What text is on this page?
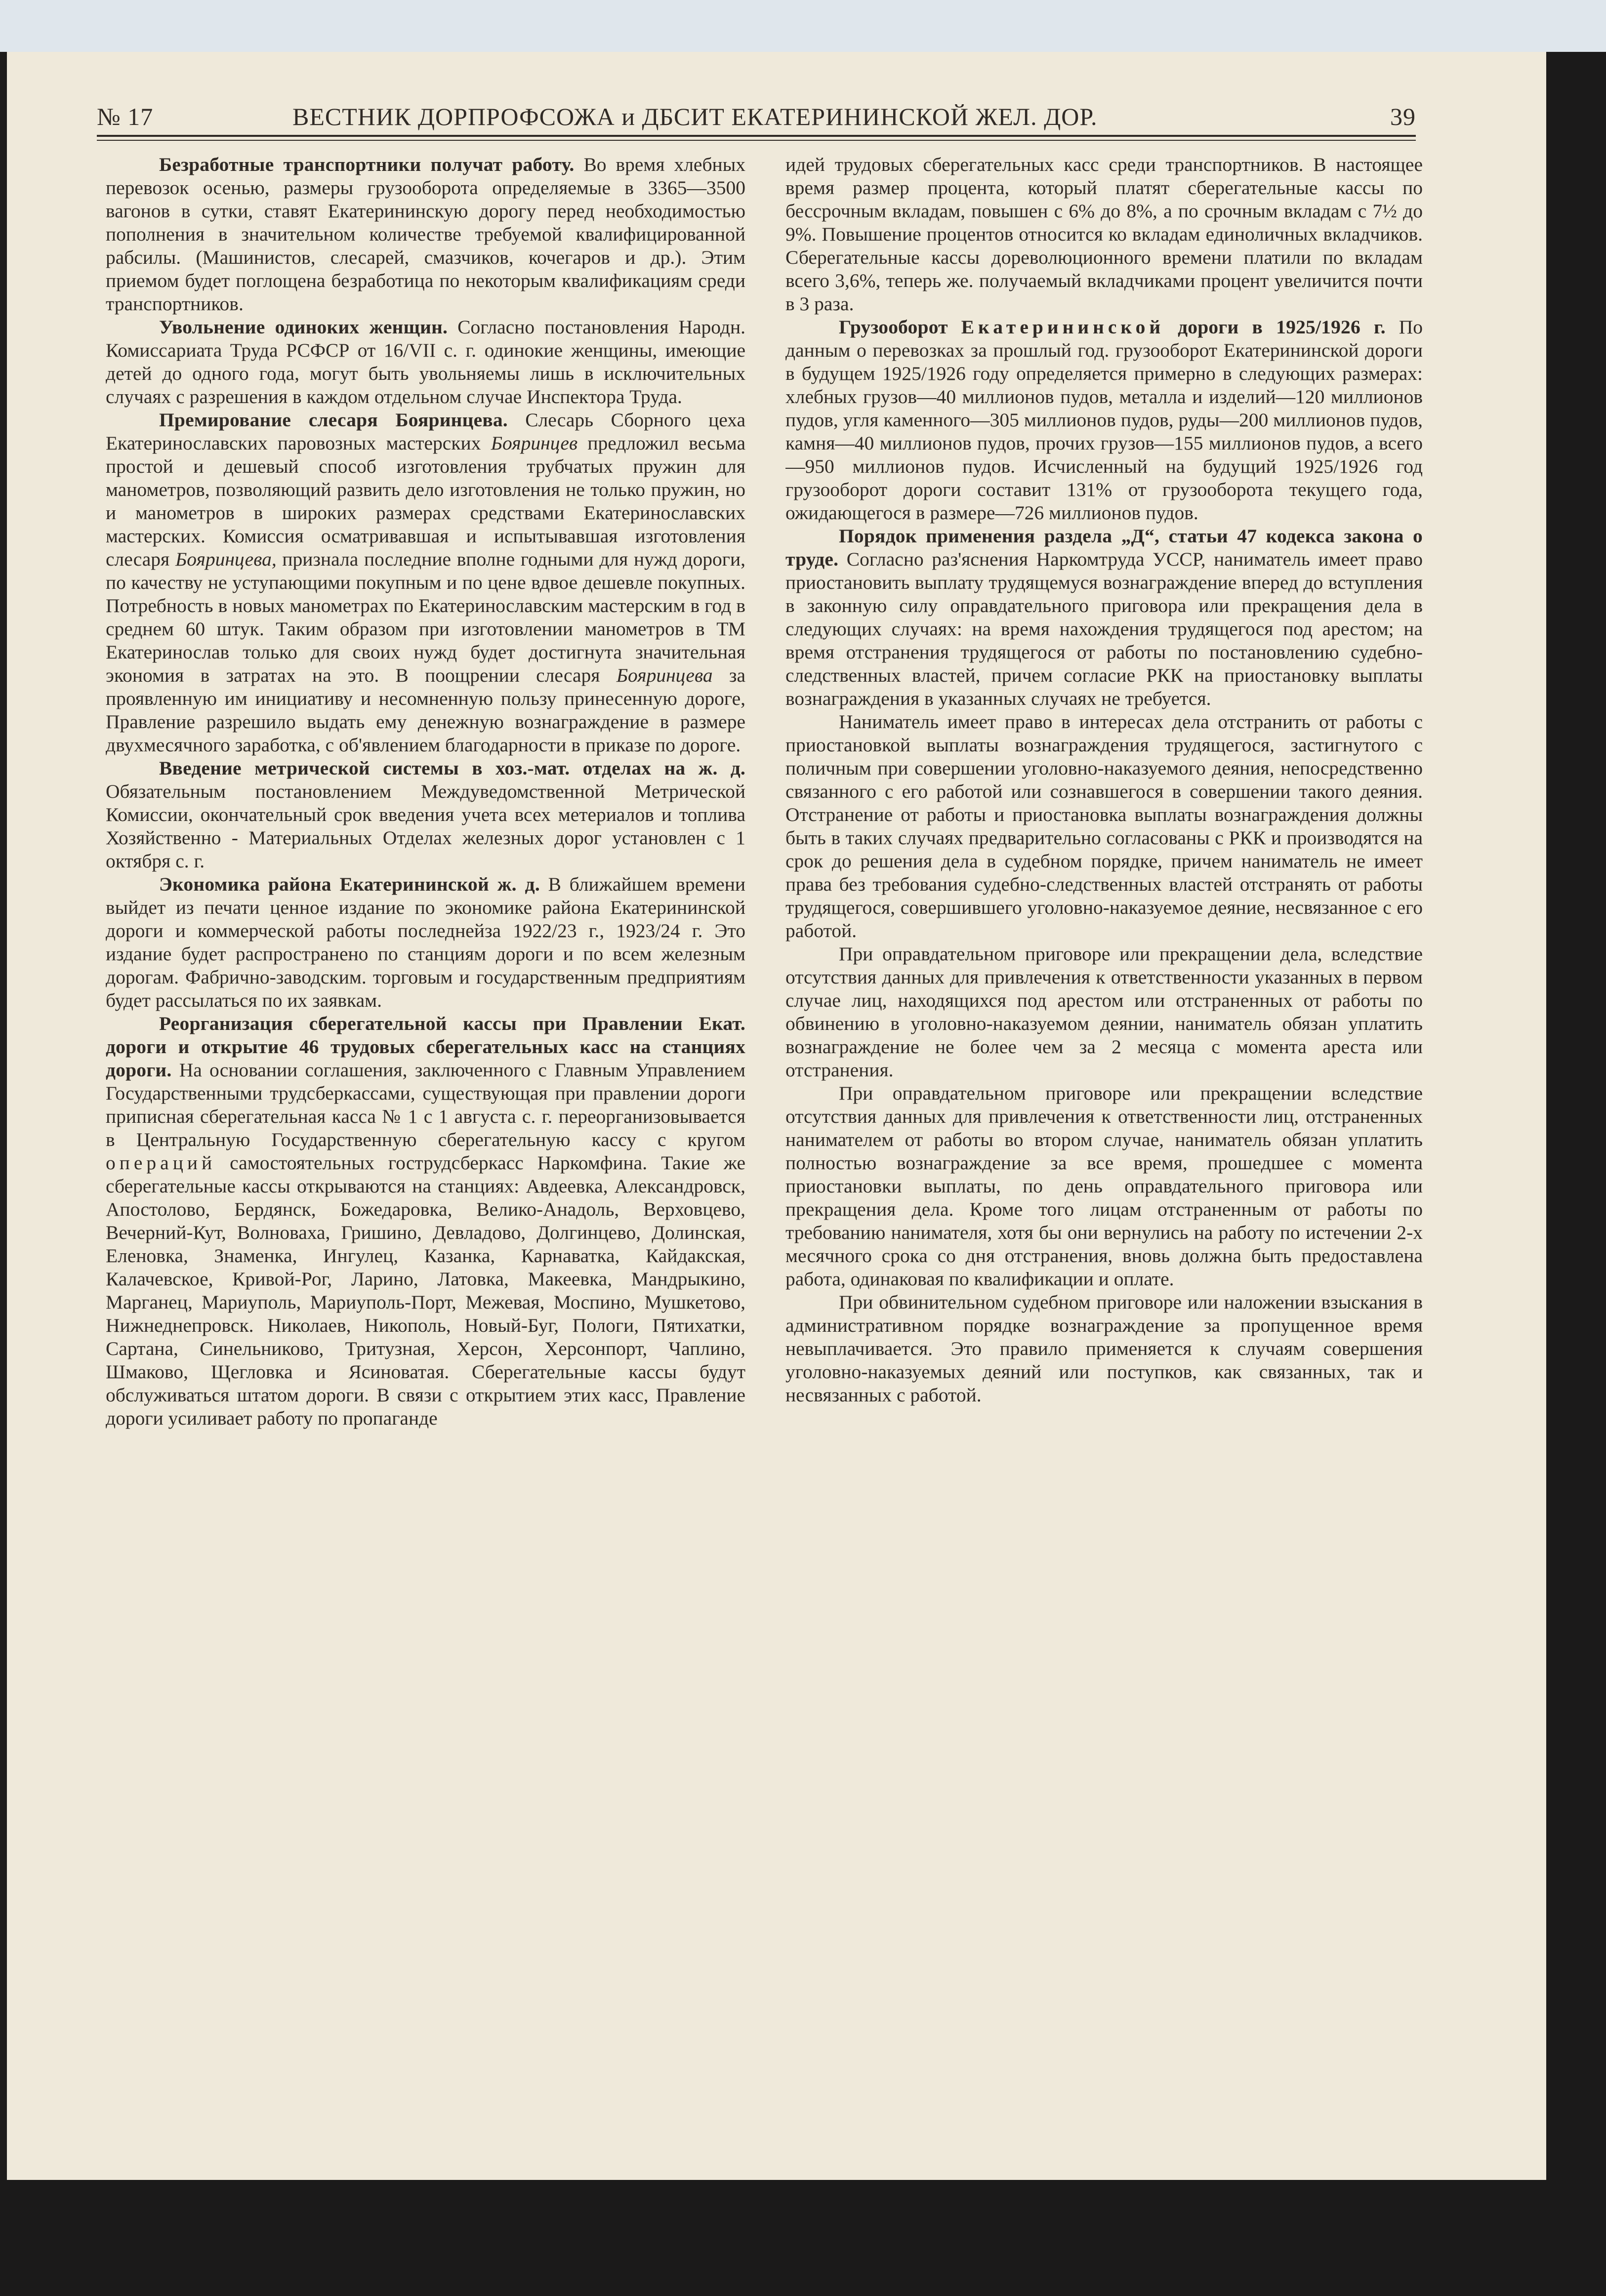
№ 17	ВЕСТНИК ДОРПРОФСОЖА и ДБСИТ ЕКАТЕРИНИНСКОЙ ЖЕЛ. ДОР.	39

Безработные транспортники получат работу. Во время хлебных перевозок осенью, размеры грузооборота определяемые в 3365—3500 вагонов в сутки, ставят Екатерининскую дорогу перед необходимостью пополнения в значительном количестве требуемой квалифицированной рабсилы. (Машинистов, слесарей, смазчиков, кочегаров и др.). Этим приемом будет поглощена безработица по некоторым квалификациям среди транспортников.

Увольнение одиноких женщин. Согласно постановления Народн. Комиссариата Труда РСФСР от 16/VII с. г. одинокие женщины, имеющие детей до одного года, могут быть увольняемы лишь в исключительных случаях с разрешения в каждом отдельном случае Инспектора Труда.

Премирование слесаря Бояринцева. Слесарь Сборного цеха Екатеринославских паровозных мастерских Бояринцев предложил весьма простой и дешевый способ изготовления трубчатых пружин для манометров, позволяющий развить дело изготовления не только пружин, но и манометров в широких размерах средствами Екатеринославских мастерских. Комиссия осматривавшая и испытывавшая изготовления слесаря Бояринцева, признала последние вполне годными для нужд дороги, по качеству не уступающими покупным и по цене вдвое дешевле покупных. Потребность в новых манометрах по Екатеринославским мастерским в год в среднем 60 штук. Таким образом при изготовлении манометров в ТМ Екатеринослав только для своих нужд будет достигнута значительная экономия в затратах на это. В поощрении слесаря Бояринцева за проявленную им инициативу и несомненную пользу принесенную дороге, Правление разрешило выдать ему денежную вознаграждение в размере двухмесячного заработка, с об'явлением благодарности в приказе по дороге.

Введение метрической системы в хоз.-мат. отделах на ж. д. Обязательным постановлением Междуведомственной Метрической Комиссии, окончательный срок введения учета всех метериалов и топлива Хозяйственно - Материальных Отделах железных дорог установлен с 1 октября с. г.

Экономика района Екатерининской ж. д. В ближайшем времени выйдет из печати ценное издание по экономике района Екатерининской дороги и коммерческой работы последнейза 1922/23 г., 1923/24 г. Это издание будет распространено по станциям дороги и по всем железным дорогам. Фабрично-заводским. торговым и государственным предприятиям будет рассылаться по их заявкам.

Реорганизация сберегательной кассы при Правлении Екат. дороги и открытие 46 трудовых сберегательных касс на станциях дороги. На основании соглашения, заключенного с Главным Управлением Государственными трудсберкассами, существующая при правлении дороги приписная сберегательная касса № 1 с 1 августа с. г. переорганизовывается в Центральную Государственную сберегательную кассу с кругом операций самостоятельных гострудсберкасс Наркомфина. Такие же сберегательные кассы открываются на станциях: Авдеевка, Александровск, Апостолово, Бердянск, Божедаровка, Велико-Анадоль, Верховцево, Вечерний-Кут, Волноваха, Гришино, Девладово, Долгинцево, Долинская, Еленовка, Знаменка, Ингулец, Казанка, Карнаватка, Кайдакская, Калачевское, Кривой-Рог, Ларино, Латовка, Макеевка, Мандрыкино, Марганец, Мариуполь, Мариуполь-Порт, Межевая, Моспино, Мушкетово, Нижнеднепровск. Николаев, Никополь, Новый-Буг, Пологи, Пятихатки, Сартана, Синельниково, Тритузная, Херсон, Херсонпорт, Чаплино, Шмаково, Щегловка и Ясиноватая. Сберегательные кассы будут обслуживаться штатом дороги. В связи с открытием этих касс, Правление дороги усиливает работу по пропаганде

идей трудовых сберегательных касс среди транспортников. В настоящее время размер процента, который платят сберегательные кассы по бессрочным вкладам, повышен с 6% до 8%, а по срочным вкладам с 7½ до 9%. Повышение процентов относится ко вкладам единоличных вкладчиков. Сберегательные кассы дореволюционного времени платили по вкладам всего 3,6%, теперь же. получаемый вкладчиками процент увеличится почти в 3 раза.

Грузооборот Екатерининской дороги в 1925/1926 г. По данным о перевозках за прошлый год. грузооборот Екатерининской дороги в будущем 1925/1926 году определяется примерно в следующих размерах: хлебных грузов—40 миллионов пудов, металла и изделий—120 миллионов пудов, угля каменного—305 миллионов пудов, руды—200 миллионов пудов, камня—40 миллионов пудов, прочих грузов—155 миллионов пудов, а всего—950 миллионов пудов. Исчисленный на будущий 1925/1926 год грузооборот дороги составит 131% от грузооборота текущего года, ожидающегося в размере—726 миллионов пудов.

Порядок применения раздела „Д“, статьи 47 кодекса закона о труде. Согласно раз'яснения Наркомтруда УССР, наниматель имеет право приостановить выплату трудящемуся вознаграждение вперед до вступления в законную силу оправдательного приговора или прекращения дела в следующих случаях: на время нахождения трудящегося под арестом; на время отстранения трудящегося от работы по постановлению судебно-следственных властей, причем согласие РКК на приостановку выплаты вознаграждения в указанных случаях не требуется.

Наниматель имеет право в интересах дела отстранить от работы с приостановкой выплаты вознаграждения трудящегося, застигнутого с поличным при совершении уголовно-наказуемого деяния, непосредственно связанного с его работой или сознавшегося в совершении такого деяния. Отстранение от работы и приостановка выплаты вознаграждения должны быть в таких случаях предварительно согласованы с РКК и производятся на срок до решения дела в судебном порядке, причем наниматель не имеет права без требования судебно-следственных властей отстранять от работы трудящегося, совершившего уголовно-наказуемое деяние, несвязанное с его работой.

При оправдательном приговоре или прекращении дела, вследствие отсутствия данных для привлечения к ответственности указанных в первом случае лиц, находящихся под арестом или отстраненных от работы по обвинению в уголовно-наказуемом деянии, наниматель обязан уплатить вознаграждение не более чем за 2 месяца с момента ареста или отстранения.

При оправдательном приговоре или прекращении вследствие отсутствия данных для привлечения к ответственности лиц, отстраненных нанимателем от работы во втором случае, наниматель обязан уплатить полностью вознаграждение за все время, прошедшее с момента приостановки выплаты, по день оправдательного приговора или прекращения дела. Кроме того лицам отстраненным от работы по требованию нанимателя, хотя бы они вернулись на работу по истечении 2-х месячного срока со дня отстранения, вновь должна быть предоставлена работа, одинаковая по квалификации и оплате.

При обвинительном судебном приговоре или наложении взыскания в административном порядке вознаграждение за пропущенное время невыплачивается. Это правило применяется к случаям совершения уголовно-наказуемых деяний или поступков, как связанных, так и несвязанных с работой.
